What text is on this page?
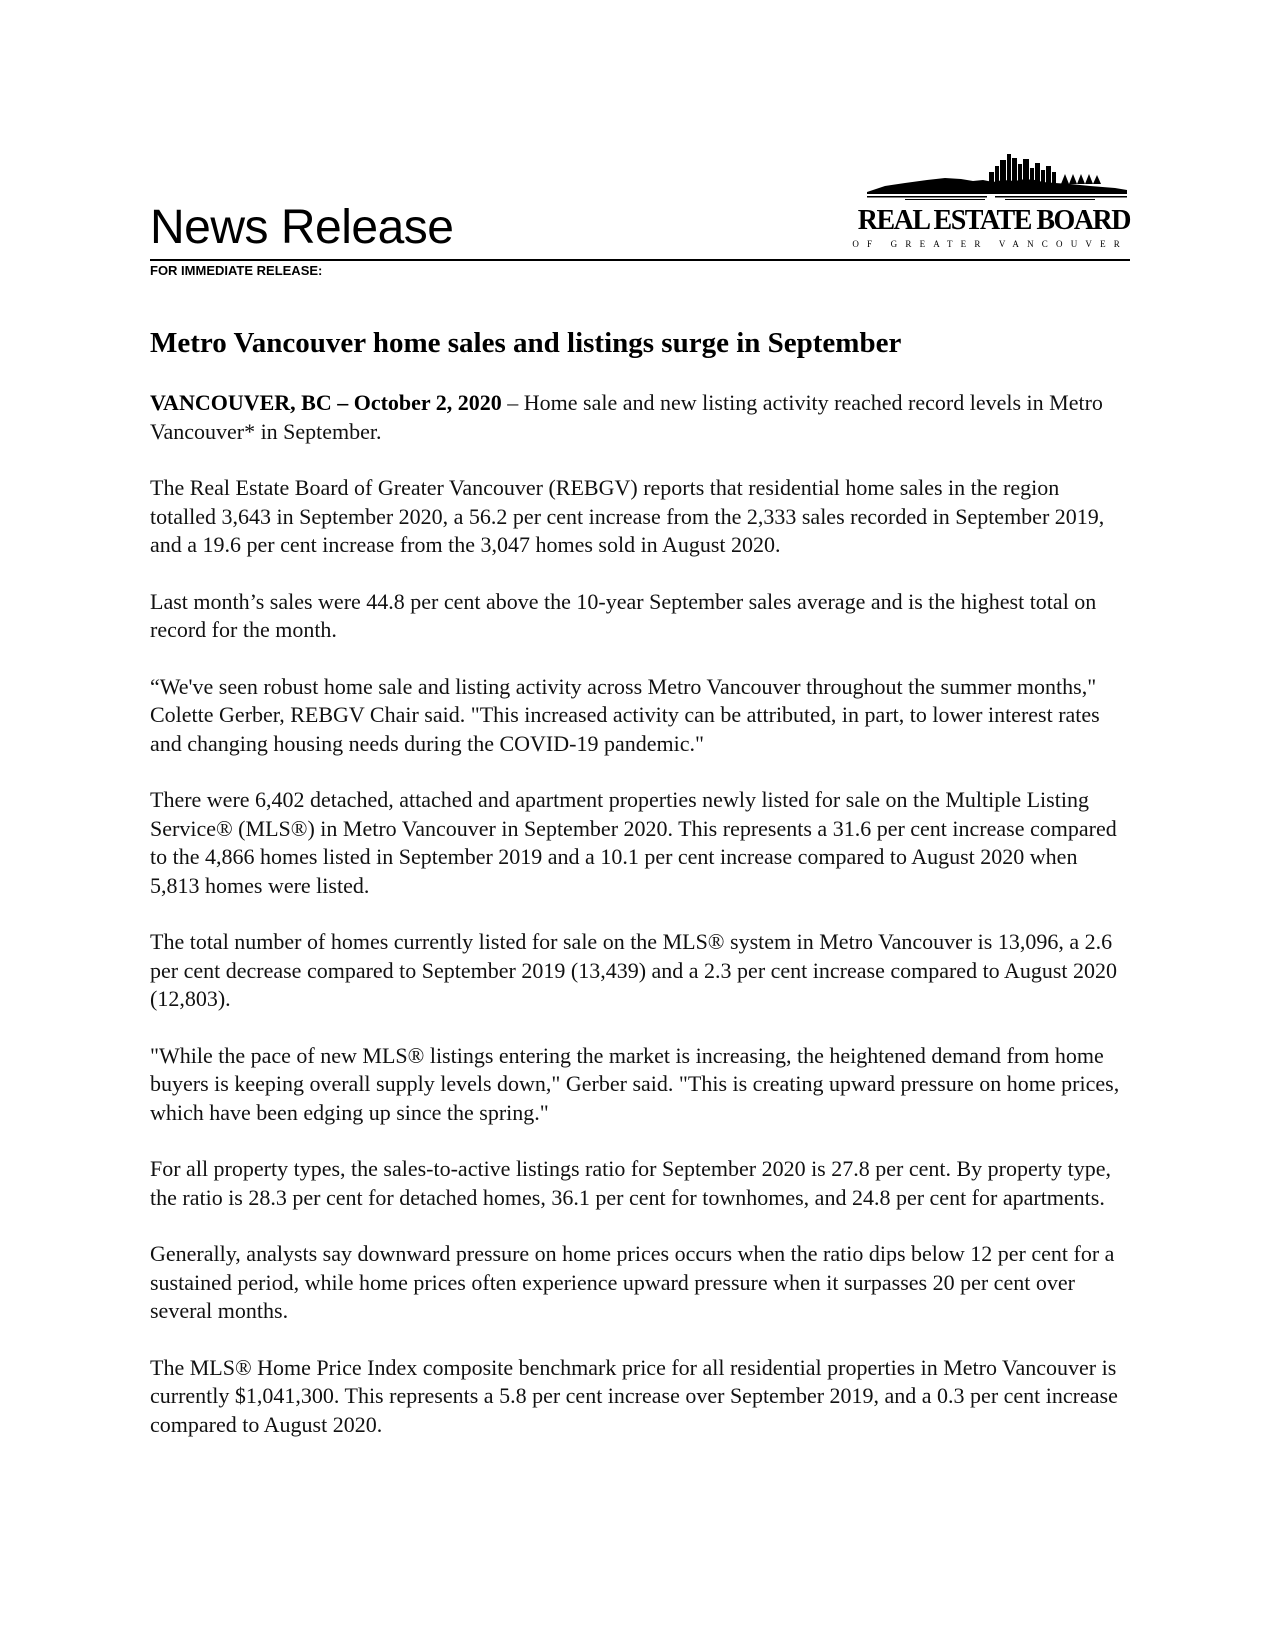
News Release	REAL ESTATE BOARD
OF GREATER VANCOUVER
FOR IMMEDIATE RELEASE:
Metro Vancouver home sales and listings surge in September

VANCOUVER, BC – October 2, 2020 – Home sale and new listing activity reached record levels in Metro Vancouver* in September.

The Real Estate Board of Greater Vancouver (REBGV) reports that residential home sales in the region totalled 3,643 in September 2020, a 56.2 per cent increase from the 2,333 sales recorded in September 2019, and a 19.6 per cent increase from the 3,047 homes sold in August 2020.

Last month’s sales were 44.8 per cent above the 10-year September sales average and is the highest total on record for the month.

“We've seen robust home sale and listing activity across Metro Vancouver throughout the summer months," Colette Gerber, REBGV Chair said. "This increased activity can be attributed, in part, to lower interest rates and changing housing needs during the COVID-19 pandemic."

There were 6,402 detached, attached and apartment properties newly listed for sale on the Multiple Listing Service® (MLS®) in Metro Vancouver in September 2020. This represents a 31.6 per cent increase compared to the 4,866 homes listed in September 2019 and a 10.1 per cent increase compared to August 2020 when 5,813 homes were listed.

The total number of homes currently listed for sale on the MLS® system in Metro Vancouver is 13,096, a 2.6 per cent decrease compared to September 2019 (13,439) and a 2.3 per cent increase compared to August 2020 (12,803).

"While the pace of new MLS® listings entering the market is increasing, the heightened demand from home buyers is keeping overall supply levels down," Gerber said. "This is creating upward pressure on home prices, which have been edging up since the spring."

For all property types, the sales-to-active listings ratio for September 2020 is 27.8 per cent. By property type, the ratio is 28.3 per cent for detached homes, 36.1 per cent for townhomes, and 24.8 per cent for apartments.

Generally, analysts say downward pressure on home prices occurs when the ratio dips below 12 per cent for a sustained period, while home prices often experience upward pressure when it surpasses 20 per cent over several months.

The MLS® Home Price Index composite benchmark price for all residential properties in Metro Vancouver is currently $1,041,300. This represents a 5.8 per cent increase over September 2019, and a 0.3 per cent increase compared to August 2020.
